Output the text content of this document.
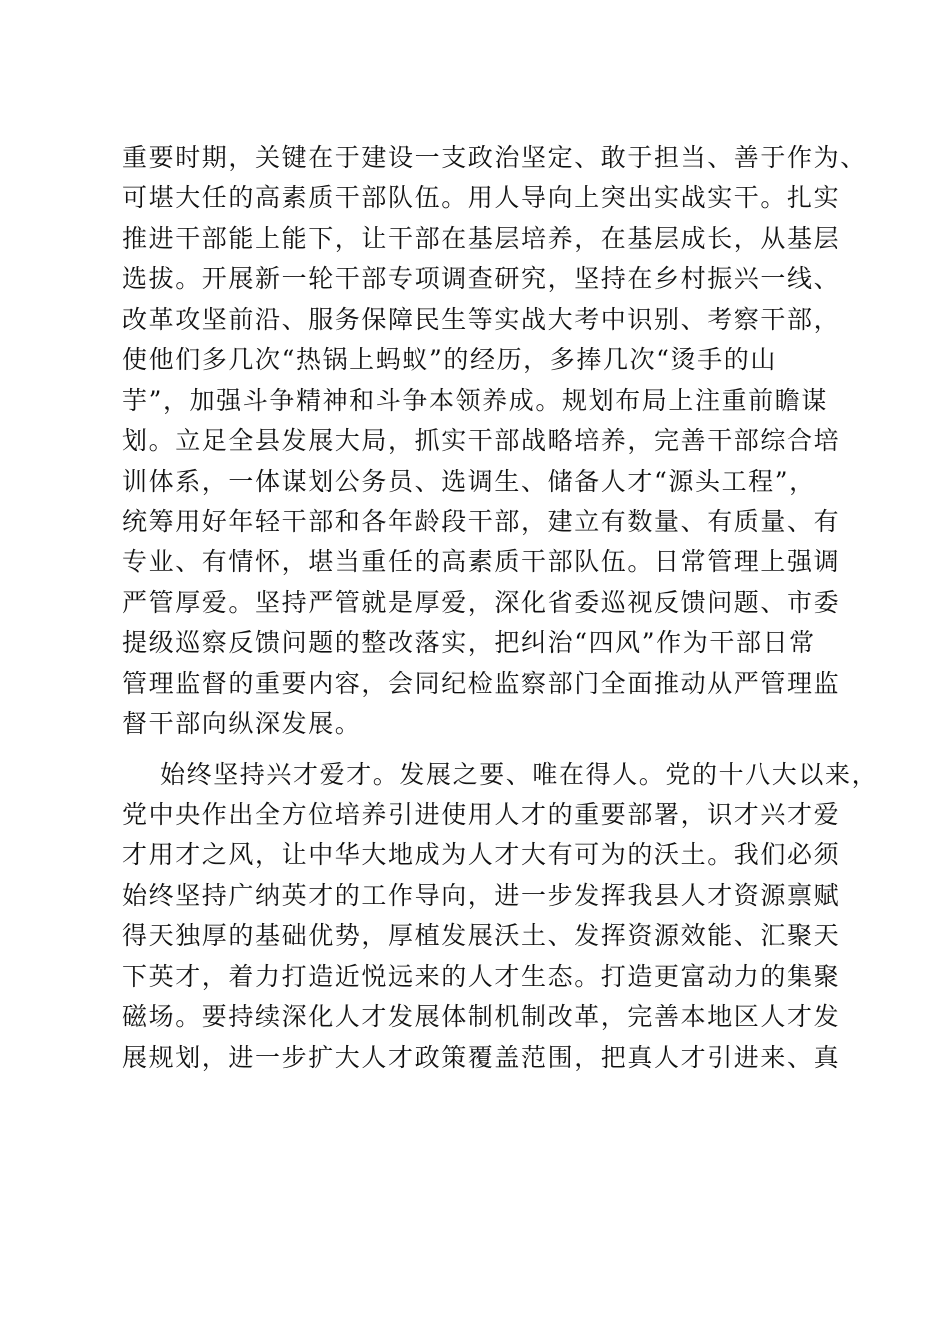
重要时期，关键在于建设一支政治坚定、敢于担当、善于作为、
可堪大任的高素质干部队伍。用人导向上突出实战实干。扎实
推进干部能上能下，让干部在基层培养，在基层成长，从基层
选拔。开展新一轮干部专项调查研究，坚持在乡村振兴一线、
改革攻坚前沿、服务保障民生等实战大考中识别、考察干部，
使他们多几次“热锅上蚂蚁”的经历，多捧几次“烫手的山
芋”，加强斗争精神和斗争本领养成。规划布局上注重前瞻谋
划。立足全县发展大局，抓实干部战略培养，完善干部综合培
训体系，一体谋划公务员、选调生、储备人才“源头工程”，
统筹用好年轻干部和各年龄段干部，建立有数量、有质量、有
专业、有情怀，堪当重任的高素质干部队伍。日常管理上强调
严管厚爱。坚持严管就是厚爱，深化省委巡视反馈问题、市委
提级巡察反馈问题的整改落实，把纠治“四风”作为干部日常
管理监督的重要内容，会同纪检监察部门全面推动从严管理监
督干部向纵深发展。
始终坚持兴才爱才。发展之要、唯在得人。党的十八大以来，
党中央作出全方位培养引进使用人才的重要部署，识才兴才爱
才用才之风，让中华大地成为人才大有可为的沃土。我们必须
始终坚持广纳英才的工作导向，进一步发挥我县人才资源禀赋
得天独厚的基础优势，厚植发展沃土、发挥资源效能、汇聚天
下英才，着力打造近悦远来的人才生态。打造更富动力的集聚
磁场。要持续深化人才发展体制机制改革，完善本地区人才发
展规划，进一步扩大人才政策覆盖范围，把真人才引进来、真
